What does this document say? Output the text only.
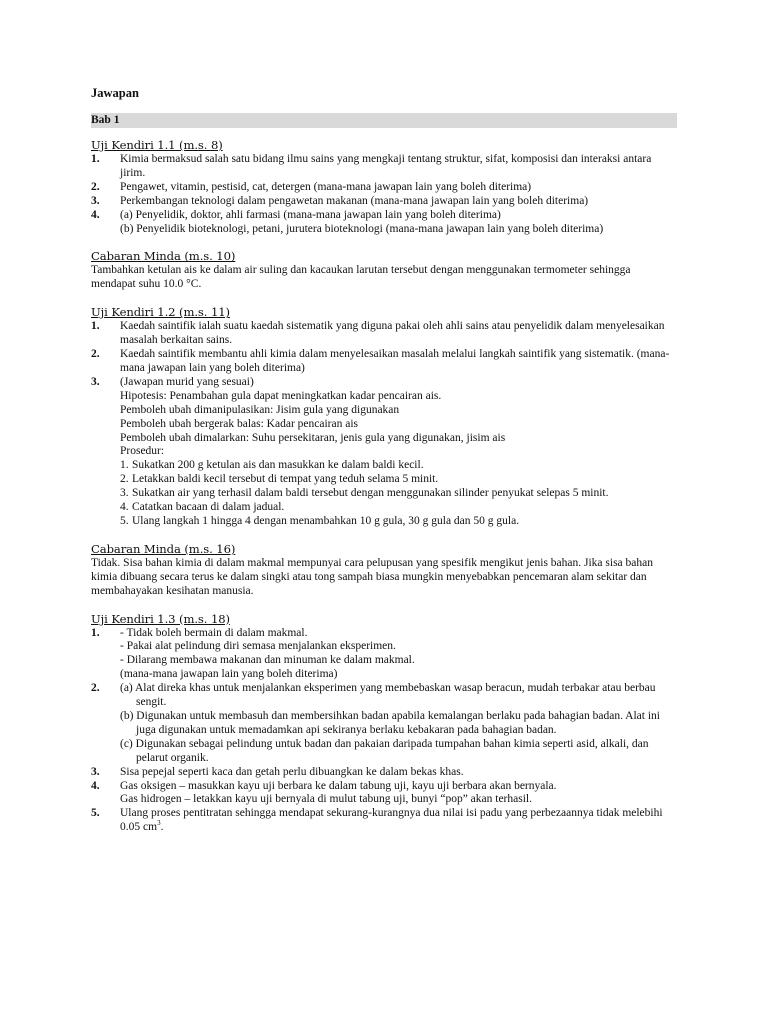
Jawapan
Bab 1
Uji Kendiri 1.1 (m.s. 8)
1.	Kimia bermaksud salah satu bidang ilmu sains yang mengkaji tentang struktur, sifat, komposisi dan interaksi antara jirim.
2.	Pengawet, vitamin, pestisid, cat, detergen (mana-mana jawapan lain yang boleh diterima)
3.	Perkembangan teknologi dalam pengawetan makanan (mana-mana jawapan lain yang boleh diterima)
4.	(a) Penyelidik, doktor, ahli farmasi (mana-mana jawapan lain yang boleh diterima)
(b) Penyelidik bioteknologi, petani, jurutera bioteknologi (mana-mana jawapan lain yang boleh diterima)
Cabaran Minda (m.s. 10)

Tambahkan ketulan ais ke dalam air suling dan kacaukan larutan tersebut dengan menggunakan termometer sehingga mendapat suhu 10.0 °C.

Uji Kendiri 1.2 (m.s. 11)
1.	Kaedah saintifik ialah suatu kaedah sistematik yang diguna pakai oleh ahli sains atau penyelidik dalam menyelesaikan masalah berkaitan sains.
2.	Kaedah saintifik membantu ahli kimia dalam menyelesaikan masalah melalui langkah saintifik yang sistematik. (mana-mana jawapan lain yang boleh diterima)
3.	(Jawapan murid yang sesuai)
Hipotesis: Penambahan gula dapat meningkatkan kadar pencairan ais.
Pemboleh ubah dimanipulasikan: Jisim gula yang digunakan
Pemboleh ubah bergerak balas: Kadar pencairan ais
Pemboleh ubah dimalarkan: Suhu persekitaran, jenis gula yang digunakan, jisim ais
Prosedur:
1. Sukatkan 200 g ketulan ais dan masukkan ke dalam baldi kecil.
2. Letakkan baldi kecil tersebut di tempat yang teduh selama 5 minit.
3. Sukatkan air yang terhasil dalam baldi tersebut dengan menggunakan silinder penyukat selepas 5 minit.
4. Catatkan bacaan di dalam jadual.
5. Ulang langkah 1 hingga 4 dengan menambahkan 10 g gula, 30 g gula dan 50 g gula.
Cabaran Minda (m.s. 16)

Tidak. Sisa bahan kimia di dalam makmal mempunyai cara pelupusan yang spesifik mengikut jenis bahan. Jika sisa bahan kimia dibuang secara terus ke dalam singki atau tong sampah biasa mungkin menyebabkan pencemaran alam sekitar dan membahayakan kesihatan manusia.

Uji Kendiri 1.3 (m.s. 18)
1.	- Tidak boleh bermain di dalam makmal.
- Pakai alat pelindung diri semasa menjalankan eksperimen.
- Dilarang membawa makanan dan minuman ke dalam makmal.
(mana-mana jawapan lain yang boleh diterima)
2.	(a) Alat direka khas untuk menjalankan eksperimen yang membebaskan wasap beracun, mudah terbakar atau berbau sengit.
(b) Digunakan untuk membasuh dan membersihkan badan apabila kemalangan berlaku pada bahagian badan. Alat ini juga digunakan untuk memadamkan api sekiranya berlaku kebakaran pada bahagian badan.
(c) Digunakan sebagai pelindung untuk badan dan pakaian daripada tumpahan bahan kimia seperti asid, alkali, dan pelarut organik.
3.	Sisa pepejal seperti kaca dan getah perlu dibuangkan ke dalam bekas khas.
4.	Gas oksigen – masukkan kayu uji berbara ke dalam tabung uji, kayu uji berbara akan bernyala.
Gas hidrogen – letakkan kayu uji bernyala di mulut tabung uji, bunyi “pop” akan terhasil.
5.	Ulang proses pentitratan sehingga mendapat sekurang-kurangnya dua nilai isi padu yang perbezaannya tidak melebihi 0.05 $cm^3$.
